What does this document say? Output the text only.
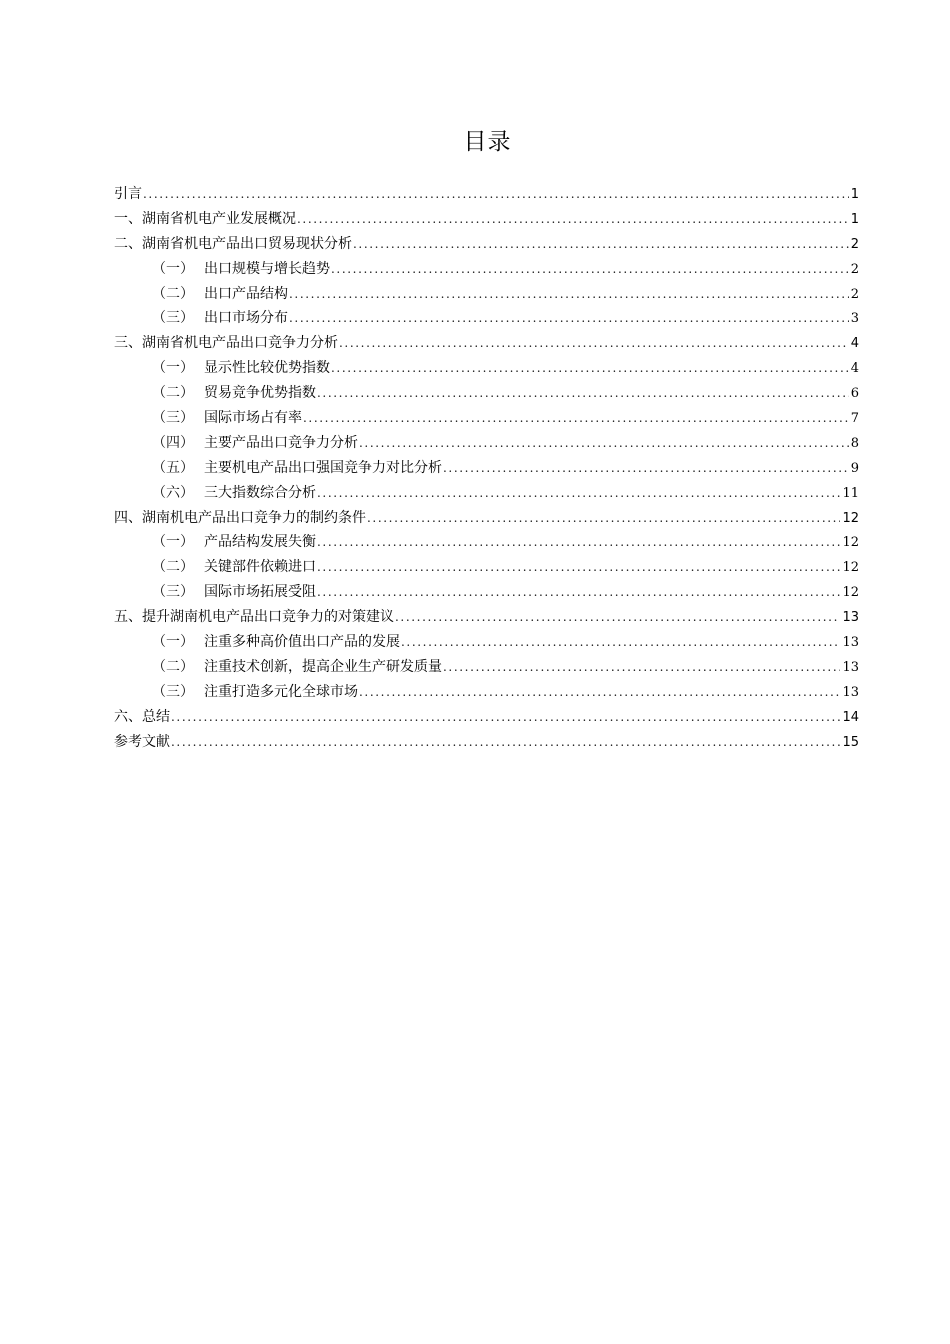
目录
引言 .....	1
一、湖南省机电产业发展概况 .....	1
二、湖南省机电产品出口贸易现状分析 .....	2
（一） 出口规模与增长趋势 .....	2
（二） 出口产品结构 .....	2
（三） 出口市场分布 .....	3
三、湖南省机电产品出口竞争力分析 .....	4
（一） 显示性比较优势指数 .....	4
（二） 贸易竞争优势指数 .....	6
（三） 国际市场占有率 .....	7
（四） 主要产品出口竞争力分析 .....	8
（五） 主要机电产品出口强国竞争力对比分析 .....	9
（六） 三大指数综合分析 .....	11
四、湖南机电产品出口竞争力的制约条件 .....	12
（一） 产品结构发展失衡 .....	12
（二） 关键部件依赖进口 .....	12
（三） 国际市场拓展受阻 .....	12
五、提升湖南机电产品出口竞争力的对策建议 .....	13
（一） 注重多种高价值出口产品的发展 .....	13
（二） 注重技术创新，提高企业生产研发质量 .....	13
（三） 注重打造多元化全球市场 .....	13
六、总结 .....	14
参考文献 .....	15
